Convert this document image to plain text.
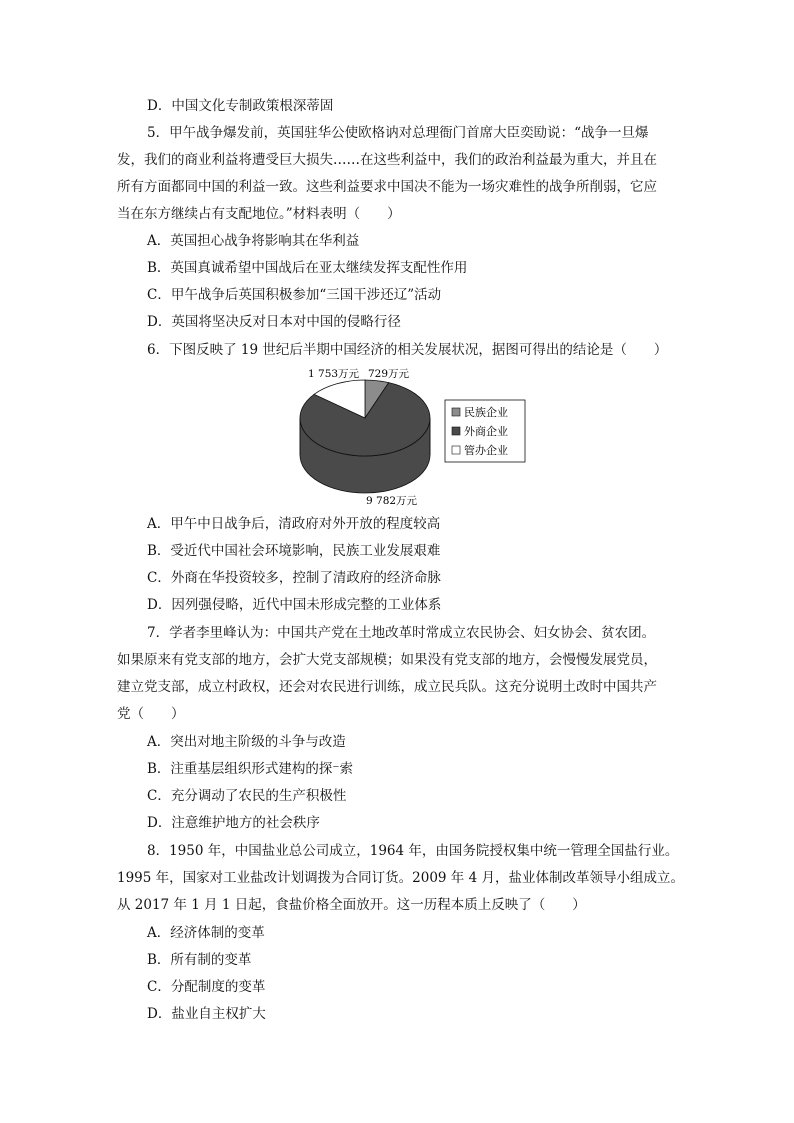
D．中国文化专制政策根深蒂固
5．甲午战争爆发前，英国驻华公使欧格讷对总理衙门首席大臣奕劻说：“战争一旦爆
发，我们的商业利益将遭受巨大损失……在这些利益中，我们的政治利益最为重大，并且在
所有方面都同中国的利益一致。这些利益要求中国决不能为一场灾难性的战争所削弱，它应
当在东方继续占有支配地位。”材料表明（　　）
A．英国担心战争将影响其在华利益
B．英国真诚希望中国战后在亚太继续发挥支配性作用
C．甲午战争后英国积极参加“三国干涉还辽”活动
D．英国将坚决反对日本对中国的侵略行径
6．下图反映了 19 世纪后半期中国经济的相关发展状况，据图可得出的结论是（　　）
1 753万元 729万元
9 782万元
民族企业
外商企业
管办企业
A．甲午中日战争后，清政府对外开放的程度较高
B．受近代中国社会环境影响，民族工业发展艰难
C．外商在华投资较多，控制了清政府的经济命脉
D．因列强侵略，近代中国未形成完整的工业体系
7．学者李里峰认为：中国共产党在土地改革时常成立农民协会、妇女协会、贫农团。
如果原来有党支部的地方，会扩大党支部规模；如果没有党支部的地方，会慢慢发展党员，
建立党支部，成立村政权，还会对农民进行训练，成立民兵队。这充分说明土改时中国共产
党（　　）
A．突出对地主阶级的斗争与改造
B．注重基层组织形式建构的探⁻索
C．充分调动了农民的生产积极性
D．注意维护地方的社会秩序
8．1950 年，中国盐业总公司成立，1964 年，由国务院授权集中统一管理全国盐行业。
1995 年，国家对工业盐改计划调拨为合同订货。2009 年 4 月，盐业体制改革领导小组成立。
从 2017 年 1 月 1 日起，食盐价格全面放开。这一历程本质上反映了（　　）
A．经济体制的变革
B．所有制的变革
C．分配制度的变革
D．盐业自主权扩大
